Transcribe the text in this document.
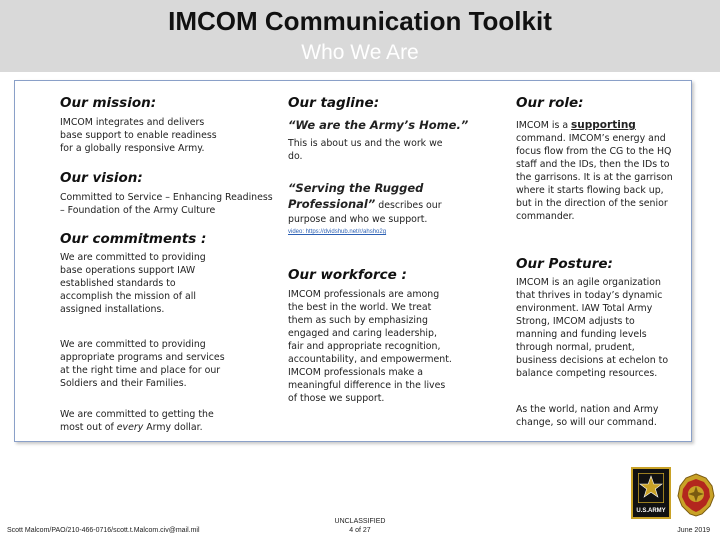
IMCOM Communication Toolkit
Who We Are
Our mission:
IMCOM integrates and delivers
base support to enable readiness
for a globally responsive Army.
Our vision:
Committed to Service – Enhancing Readiness
– Foundation of the Army Culture
Our commitments :
We are committed to providing
base operations support IAW
established standards to
accomplish the mission of all
assigned installations.
We are committed to providing
appropriate programs and services
at the right time and place for our
Soldiers and their Families.
We are committed to getting the
most out of every Army dollar.
Our tagline:
“We are the Army’s Home.”
This is about us and the work we
do.
“Serving the Rugged
Professional” describes our
purpose and who we support.
video: https://dvidshub.net/r/ahsho2g
Our workforce :
IMCOM professionals are among
the best in the world. We treat
them as such by emphasizing
engaged and caring leadership,
fair and appropriate recognition,
accountability, and empowerment.
IMCOM professionals make a
meaningful difference in the lives
of those we support.
Our role:
IMCOM is a supporting
command. IMCOM’s energy and
focus flow from the CG to the HQ
staff and the IDs, then the IDs to
the garrisons. It is at the garrison
where it starts flowing back up,
but in the direction of the senior
commander.
Our Posture:
IMCOM is an agile organization
that thrives in today’s dynamic
environment. IAW Total Army
Strong, IMCOM adjusts to
manning and funding levels
through normal, prudent,
business decisions at echelon to
balance competing resources.
As the world, nation and Army
change, so will our command.
U.S.ARMY
Scott Malcom/PAO/210-466-0716/scott.t.Malcom.civ@mail.mil
UNCLASSIFIED
4 of 27	June 2019
